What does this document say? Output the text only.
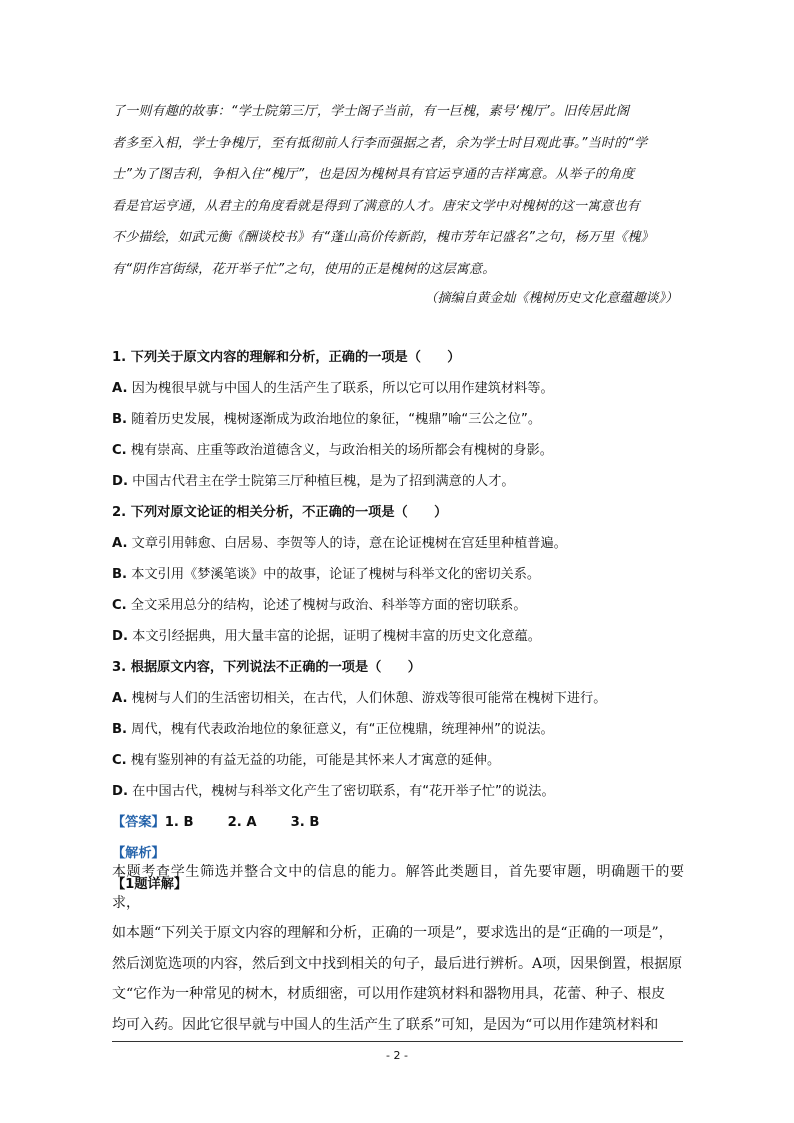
了一则有趣的故事：“学士院第三厅，学士阁子当前，有一巨槐，素号‘槐厅’。旧传居此阁

者多至入相，学士争槐厅，至有抵彻前人行李而强据之者，余为学士时目观此事。”当时的“学

士”为了图吉利，争相入住“槐厅”，也是因为槐树具有官运亨通的吉祥寓意。从举子的角度

看是官运亨通，从君主的角度看就是得到了满意的人才。唐宋文学中对槐树的这一寓意也有

不少描绘，如武元衡《酬谈校书》有“蓬山高价传新韵，槐市芳年记盛名”之句，杨万里《槐》

有“阴作宫街绿，花开举子忙”之句，使用的正是槐树的这层寓意。

（摘编自黄金灿《槐树历史文化意蕴趣谈》）
1. 下列关于原文内容的理解和分析，正确的一项是（　　）
A. 因为槐很早就与中国人的生活产生了联系，所以它可以用作建筑材料等。
B. 随着历史发展，槐树逐渐成为政治地位的象征，“槐鼎”喻“三公之位”。
C. 槐有崇高、庄重等政治道德含义，与政治相关的场所都会有槐树的身影。
D. 中国古代君主在学士院第三厅种植巨槐，是为了招到满意的人才。
2. 下列对原文论证的相关分析，不正确的一项是（　　）
A. 文章引用韩愈、白居易、李贺等人的诗，意在论证槐树在宫廷里种植普遍。
B. 本文引用《梦溪笔谈》中的故事，论证了槐树与科举文化的密切关系。
C. 全文采用总分的结构，论述了槐树与政治、科举等方面的密切联系。
D. 本文引经据典，用大量丰富的论据，证明了槐树丰富的历史文化意蕴。
3. 根据原文内容，下列说法不正确的一项是（　　）
A. 槐树与人们的生活密切相关，在古代，人们休憩、游戏等很可能常在槐树下进行。
B. 周代，槐有代表政治地位的象征意义，有“正位槐鼎，统理神州”的说法。
C. 槐有鉴别神的有益无益的功能，可能是其怀来人才寓意的延伸。
D. 在中国古代，槐树与科举文化产生了密切联系，有“花开举子忙”的说法。
【答案】1. B	2. A	3. B
【解析】
【1题详解】

本题考查学生筛选并整合文中的信息的能力。解答此类题目，首先要审题，明确题干的要求，

如本题“下列关于原文内容的理解和分析，正确的一项是”，要求选出的是“正确的一项是”，

然后浏览选项的内容，然后到文中找到相关的句子，最后进行辨析。A项，因果倒置，根据原

文“它作为一种常见的树木，材质细密，可以用作建筑材料和器物用具，花蕾、种子、根皮

均可入药。因此它很早就与中国人的生活产生了联系”可知，是因为“可以用作建筑材料和

- 2 -
